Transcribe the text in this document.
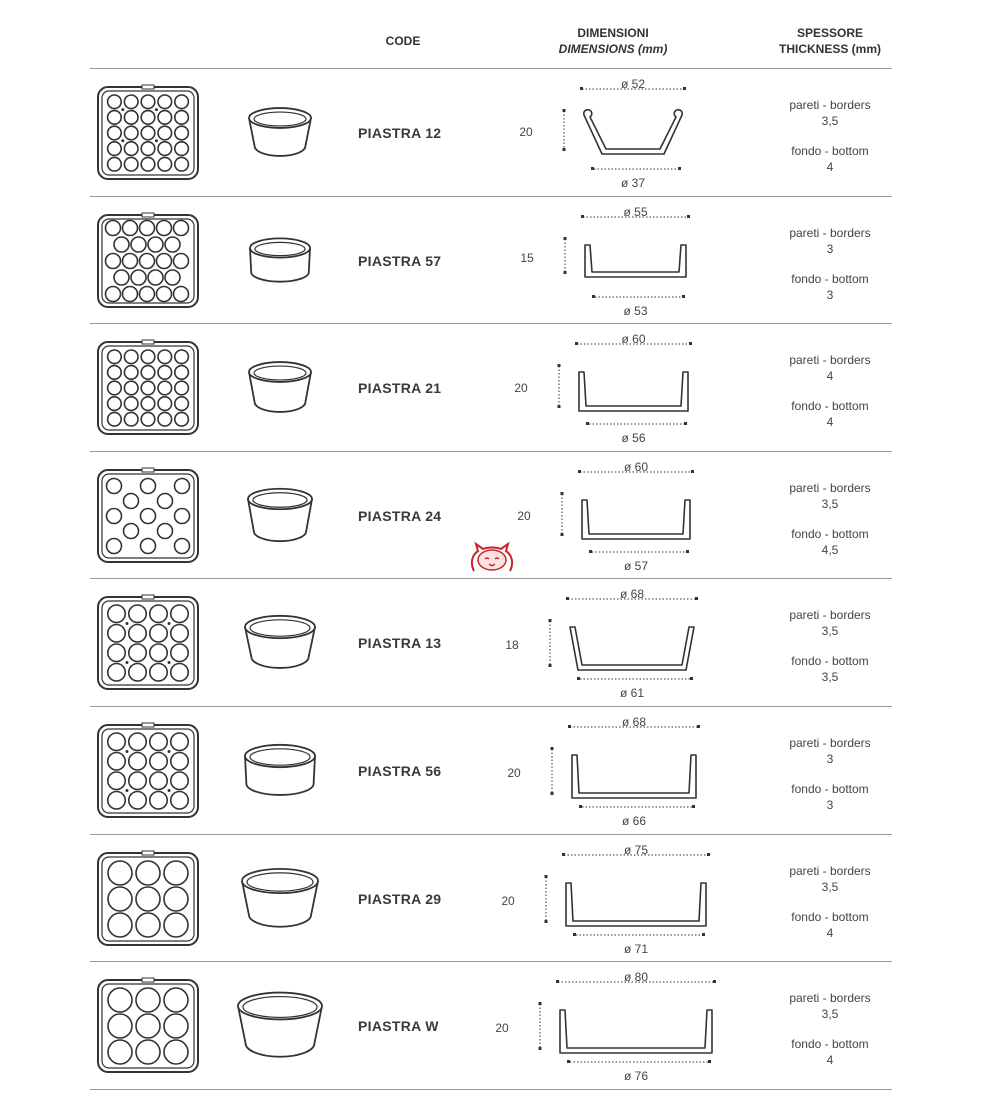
CODE
DIMENSIONI
DIMENSIONS (mm)
SPESSORE
THICKNESS (mm)
PIASTRA 12
ø 52
ø 37
20
pareti - borders
3,5
fondo - bottom
4
PIASTRA 57
ø 55
ø 53
15
pareti - borders
3
fondo - bottom
3
PIASTRA 21
ø 60
ø 56
20
pareti - borders
4
fondo - bottom
4
PIASTRA 24
ø 60
ø 57
20
pareti - borders
3,5
fondo - bottom
4,5
PIASTRA 13
ø 68
ø 61
18
pareti - borders
3,5
fondo - bottom
3,5
PIASTRA 56
ø 68
ø 66
20
pareti - borders
3
fondo - bottom
3
PIASTRA 29
ø 75
ø 71
20
pareti - borders
3,5
fondo - bottom
4
PIASTRA W
ø 80
ø 76
20
pareti - borders
3,5
fondo - bottom
4
